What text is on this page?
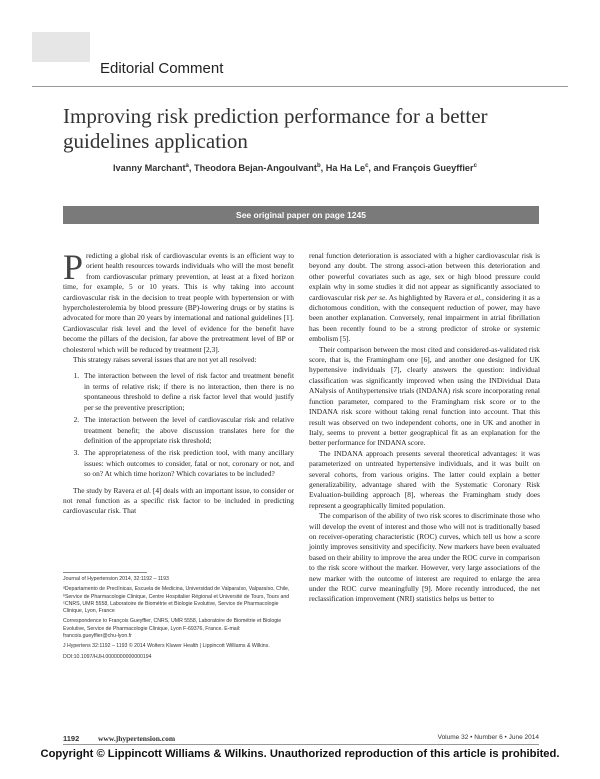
Editorial Comment
Improving risk prediction performance for a better guidelines application
Ivanny Marchant$^a$, Theodora Bejan-Angoulvant$^b$, Ha Ha Le$^c$, and François Gueyffier$^c$
See original paper on page 1245

Predicting a global risk of cardiovascular events is an efficient way to orient health resources towards individuals who will the most benefit from cardiovascular primary prevention, at least at a fixed horizon time, for example, 5 or 10 years. This is why taking into account cardiovascular risk in the decision to treat people with hypertension or with hypercholesterolemia by blood pressure (BP)-lowering drugs or by statins is advocated for more than 20 years by international and national guidelines [1]. Cardiovascular risk level and the level of evidence for the benefit have become the pillars of the decision, far above the pretreatment level of BP or cholesterol which will be reduced by treatment [2,3].

This strategy raises several issues that are not yet all resolved:

1. The interaction between the level of risk factor and treatment benefit in terms of relative risk; if there is no interaction, then there is no spontaneous threshold to define a risk factor level that would justify per se the preventive prescription;
2. The interaction between the level of cardiovascular risk and relative treatment benefit; the above discussion translates here for the definition of the appropriate risk threshold;
3. The appropriateness of the risk prediction tool, with many ancillary issues: which outcomes to consider, fatal or not, coronary or not, and so on? At which time horizon? Which covariates to be included?

The study by Ravera et al. [4] deals with an important issue, to consider or not renal function as a specific risk factor to be included in predicting cardiovascular risk. That

renal function deterioration is associated with a higher cardiovascular risk is beyond any doubt. The strong associ-ation between this deterioration and other powerful covariates such as age, sex or high blood pressure could explain why in some studies it did not appear as significantly associated to cardiovascular risk per se. As highlighted by Ravera et al., considering it as a dichotomous condition, with the consequent reduction of power, may have been another explanation. Conversely, renal impairment in atrial fibrillation has been recently found to be a strong predictor of stroke or systemic embolism [5].

Their comparison between the most cited and considered-as-validated risk score, that is, the Framingham one [6], and another one designed for UK hypertensive individuals [7], clearly answers the question: individual classification was significantly improved when using the INDividual Data ANalysis of Antihypertensive trials (INDANA) risk score incorporating renal function parameter, compared to the Framingham risk score or to the INDANA risk score without taking renal function into account. That this result was observed on two independent cohorts, one in UK and another in Italy, seems to prevent a better geographical fit as an explanation for the better performance for INDANA score.

The INDANA approach presents several theoretical advantages: it was parameterized on untreated hypertensive individuals, and it was built on several cohorts, from various origins. The latter could explain a better generalizability, advantage shared with the Systematic Coronary Risk Evaluation-building approach [8], whereas the Framingham study does represent a geographically limited population.

The comparison of the ability of two risk scores to discriminate those who will develop the event of interest and those who will not is traditionally based on receiver-operating characteristic (ROC) curves, which tell us how a score jointly improves sensitivity and specificity. New markers have been evaluated based on their ability to improve the area under the ROC curve in comparison to the risk score without the marker. However, very large associations of the new marker with the outcome of interest are required to enlarge the area under the ROC curve meaningfully [9]. More recently introduced, the net reclassification improvement (NRI) statistics helps us better to

Journal of Hypertension 2014, 32:1192 – 1193

ᵃDepartamento de Preclínicas, Escuela de Medicina, Universidad de Valparaíso, Valparaíso, Chile, ᵇService de Pharmacologie Clinique, Centre Hospitalier Régional et Université de Tours, Tours and ᶜCNRS, UMR 5558, Laboratoire de Biométrie et Biologie Evolutive, Service de Pharmacologie Clinique, Lyon, France

Correspondence to François Gueyffier, CNRS, UMR 5558, Laboratoire de Biométrie et Biologie Evolutive, Service de Pharmacologie Clinique, Lyon F-69376, France. E-mail: francois.gueyffier@chu-lyon.fr

J Hypertens 32:1192 – 1193 © 2014 Wolters Kluwer Health | Lippincott Williams & Wilkins.

DOI:10.1097/HJH.0000000000000194

1192 www.jhypertension.com	Volume 32 • Number 6 • June 2014
Copyright © Lippincott Williams & Wilkins. Unauthorized reproduction of this article is prohibited.
